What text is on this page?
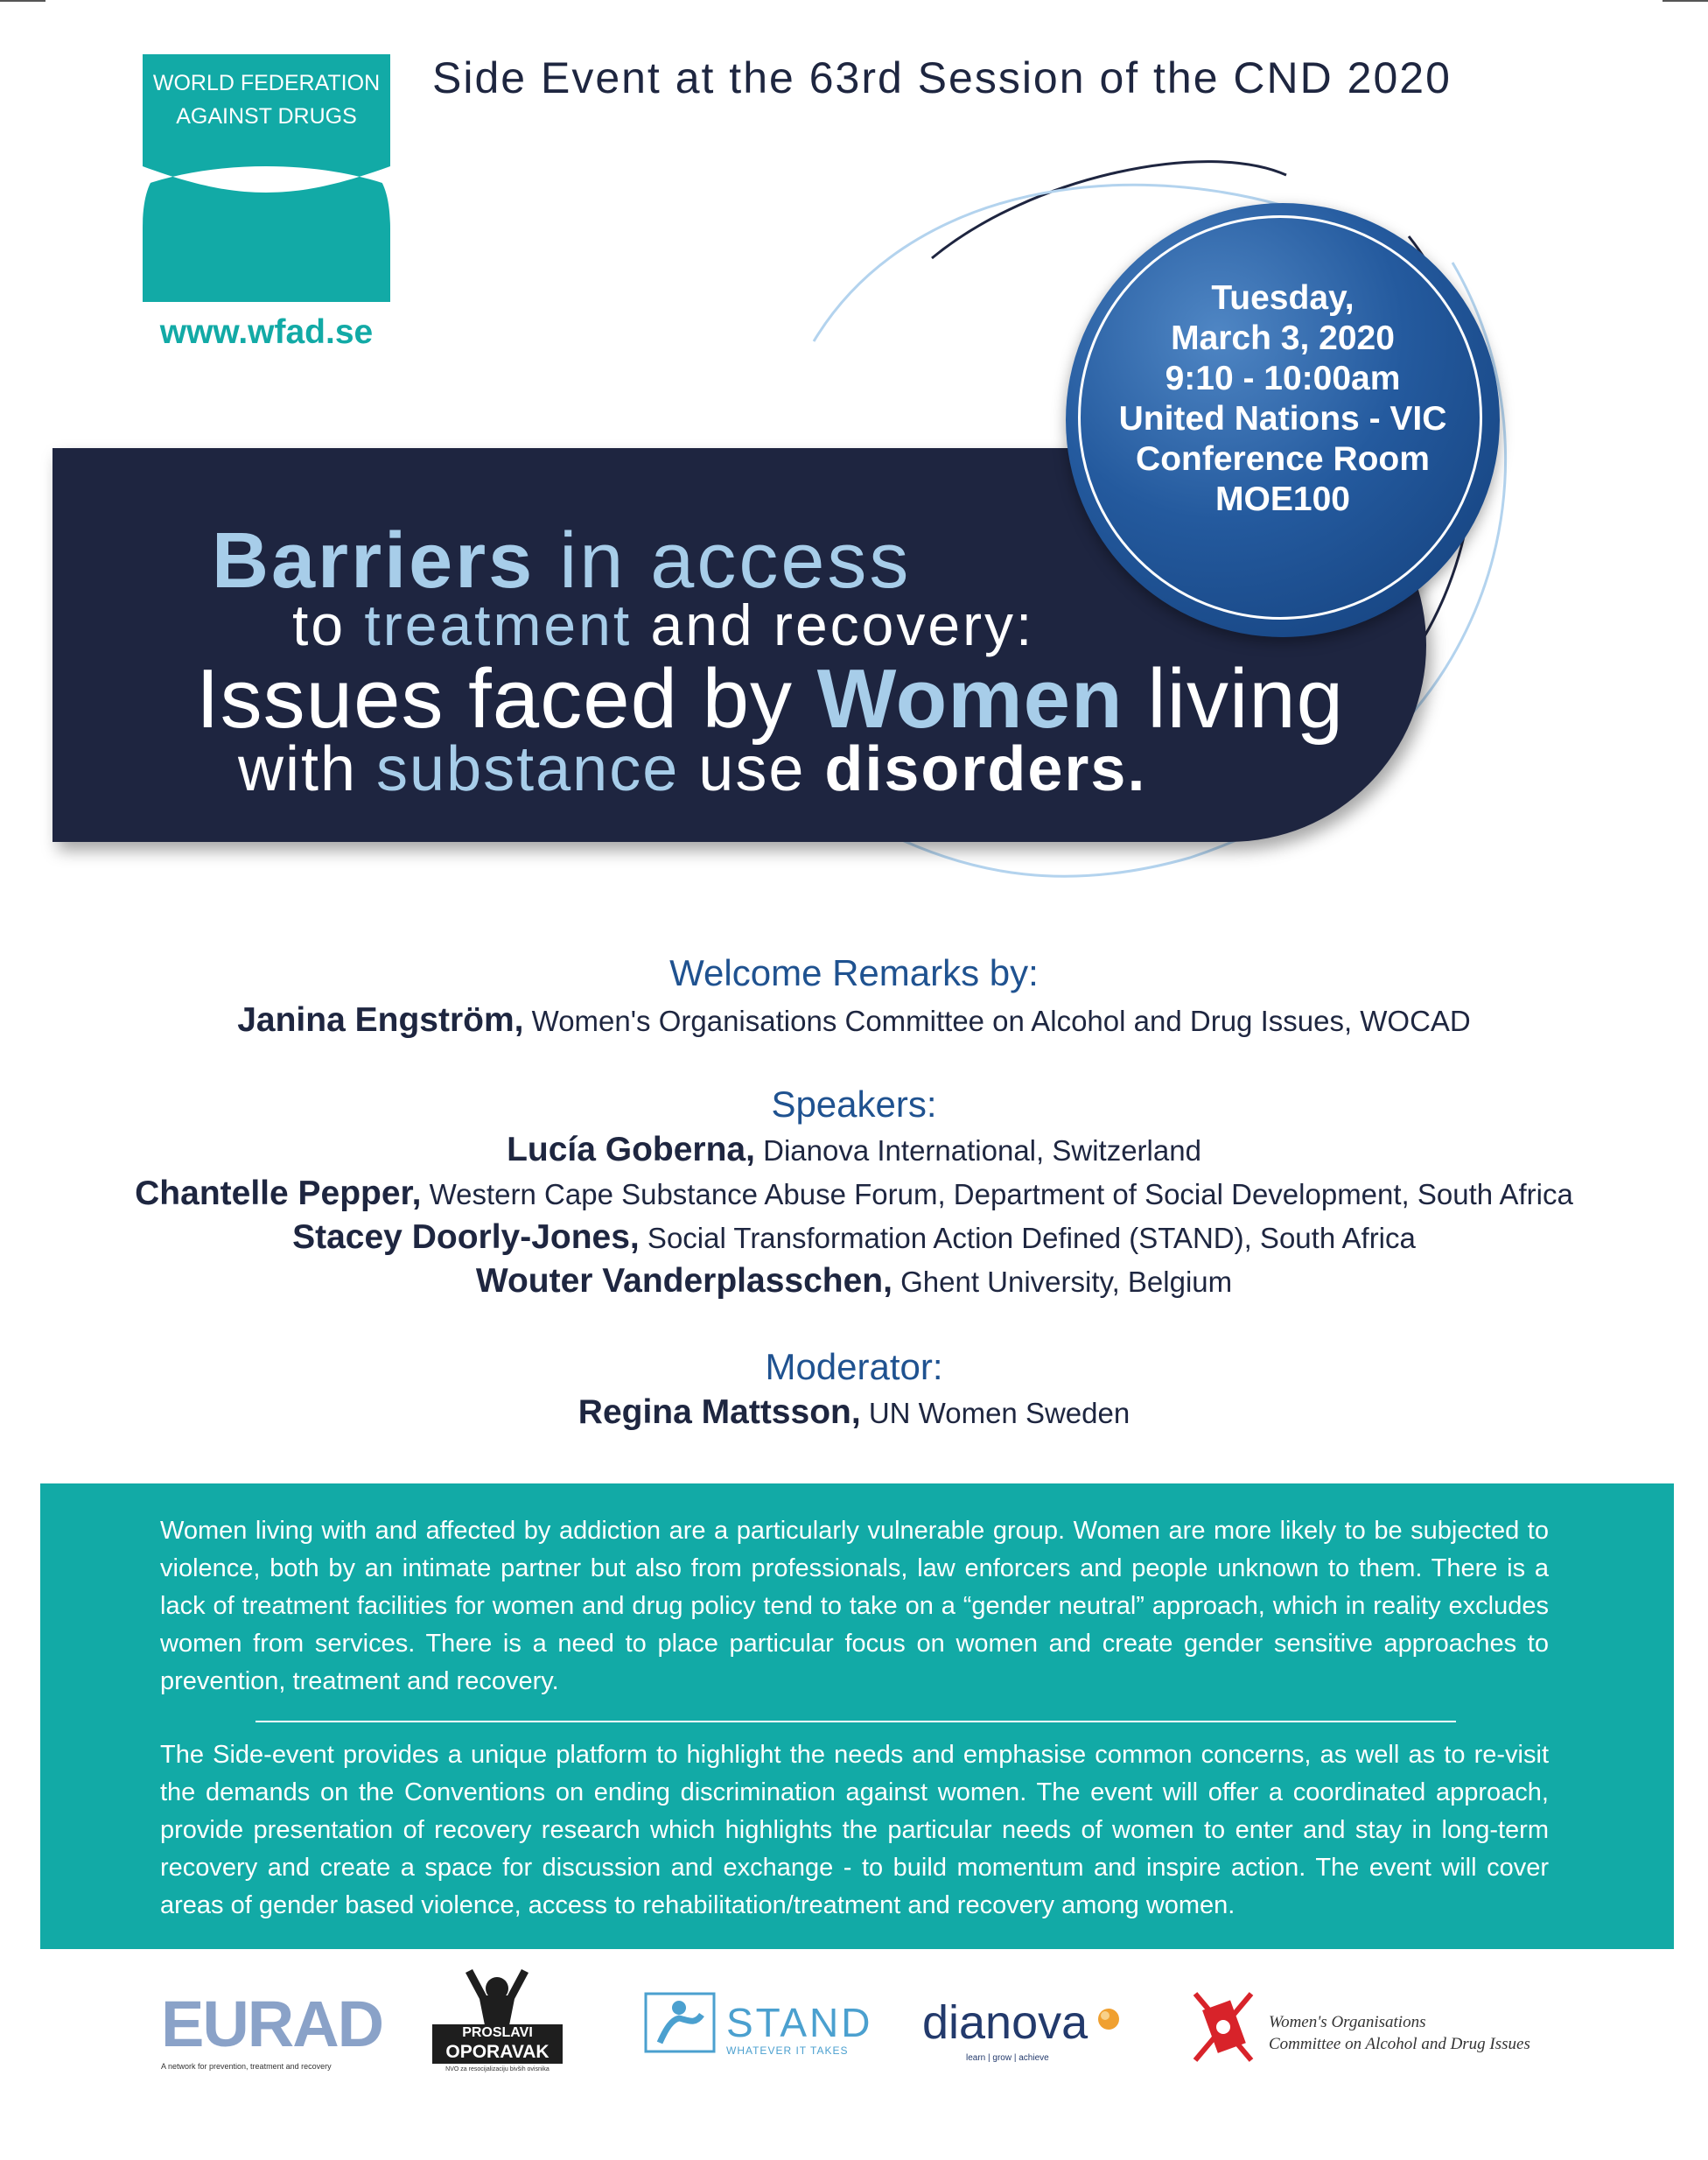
WORLD FEDERATION
AGAINST DRUGS
www.wfad.se
Side Event at the 63rd Session of the CND 2020
Barriers in access
to treatment and recovery:
Issues faced by Women living
with substance use disorders.
Tuesday,
March 3, 2020
9:10 - 10:00am
United Nations - VIC
Conference Room
MOE100
Welcome Remarks by:
Janina Engström, Women's Organisations Committee on Alcohol and Drug Issues, WOCAD
Speakers:
Lucía Goberna, Dianova International, Switzerland
Chantelle Pepper, Western Cape Substance Abuse Forum, Department of Social Development, South Africa
Stacey Doorly-Jones, Social Transformation Action Defined (STAND), South Africa
Wouter Vanderplasschen, Ghent University, Belgium
Moderator:
Regina Mattsson, UN Women Sweden
Women living with and affected by addiction are a particularly vulnerable group. Women are more likely to be subjected to violence, both by an intimate partner but also from professionals, law enforcers and people unknown to them. There is a lack of treatment facilities for women and drug policy tend to take on a “gender neutral” approach, which in reality excludes women from services. There is a need to place particular focus on women and create gender sensitive approaches to prevention, treatment and recovery.
The Side-event provides a unique platform to highlight the needs and emphasise common concerns, as well as to re-visit the demands on the Conventions on ending discrimination against women. The event will offer a coordinated approach, provide presentation of recovery research which highlights the particular needs of women to enter and stay in long-term recovery and create a space for discussion and exchange - to build momentum and inspire action. The event will cover areas of gender based violence, access to rehabilitation/treatment and recovery among women.
EURAD
A network for prevention, treatment and recovery
PROSLAVI
OPORAVAK
NVO za resocijalizaciju bivših ovisnika
STAND
WHATEVER IT TAKES
dianova
learn | grow | achieve
Women's Organisations
Committee on Alcohol and Drug Issues
